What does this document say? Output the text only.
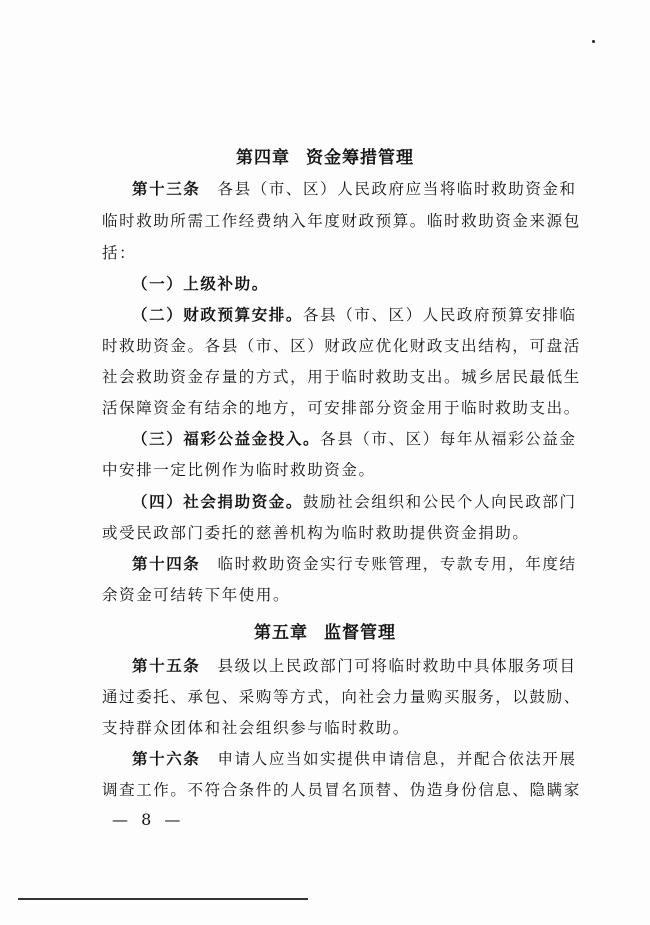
第四章 资金筹措管理
第十三条　 各县（市、区）人民政府应当将临时救助资金和
临时救助所需工作经费纳入年度财政预算。临时救助资金来源包
括：
（一）上级补助。
（二）财政预算安排。各县（市、区）人民政府预算安排临
时救助资金。各县（市、区）财政应优化财政支出结构，可盘活
社会救助资金存量的方式，用于临时救助支出。城乡居民最低生
活保障资金有结余的地方，可安排部分资金用于临时救助支出。
（三）福彩公益金投入。各县（市、区）每年从福彩公益金
中安排一定比例作为临时救助资金。
（四）社会捐助资金。鼓励社会组织和公民个人向民政部门
或受民政部门委托的慈善机构为临时救助提供资金捐助。
第十四条　 临时救助资金实行专账管理，专款专用，年度结
余资金可结转下年使用。
第五章 监督管理
第十五条　 县级以上民政部门可将临时救助中具体服务项目
通过委托、承包、采购等方式，向社会力量购买服务，以鼓励、
支持群众团体和社会组织参与临时救助。
第十六条　 申请人应当如实提供申请信息，并配合依法开展
调查工作。不符合条件的人员冒名顶替、伪造身份信息、隐瞒家
— 8 —
